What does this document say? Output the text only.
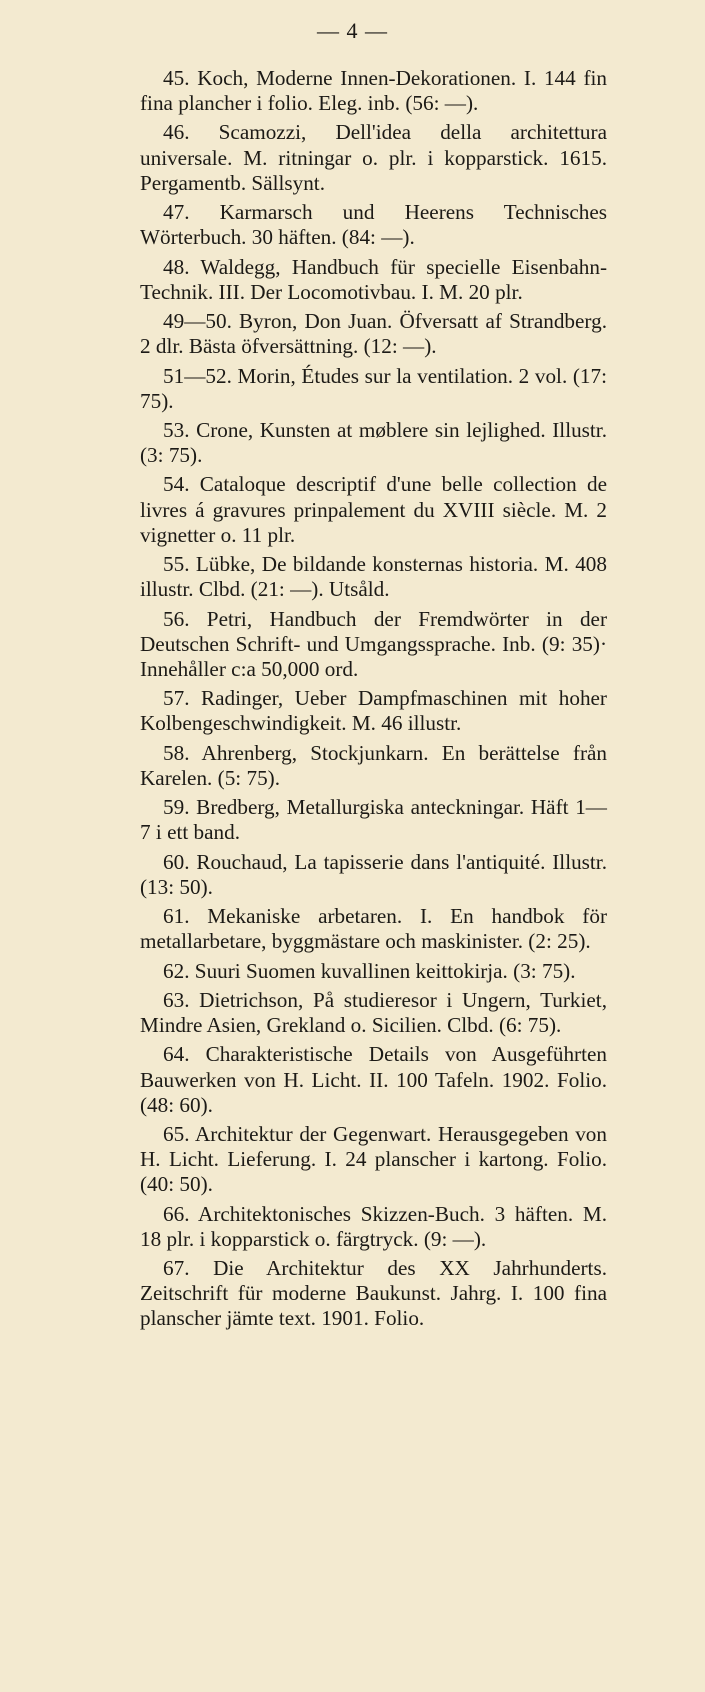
— 4 —
45. Koch, Moderne Innen-Dekorationen. I. 144 fin fina plancher i folio. Eleg. inb. (56: —).
46. Scamozzi, Dell'idea della architettura universale. M. ritningar o. plr. i kopparstick. 1615. Pergamentb. Sällsynt.
47. Karmarsch und Heerens Technisches Wörterbuch. 30 häften. (84: —).
48. Waldegg, Handbuch für specielle Eisenbahn-Technik. III. Der Locomotivbau. I. M. 20 plr.
49—50. Byron, Don Juan. Öfversatt af Strandberg. 2 dlr. Bästa öfversättning. (12: —).
51—52. Morin, Études sur la ventilation. 2 vol. (17: 75).
53. Crone, Kunsten at møblere sin lejlighed. Illustr. (3: 75).
54. Cataloque descriptif d'une belle collection de livres á gravures prinpalement du XVIII siècle. M. 2 vignetter o. 11 plr.
55. Lübke, De bildande konsternas historia. M. 408 illustr. Clbd. (21: —). Utsåld.
56. Petri, Handbuch der Fremdwörter in der Deutschen Schrift- und Umgangssprache. Inb. (9: 35)· Innehåller c:a 50,000 ord.
57. Radinger, Ueber Dampfmaschinen mit hoher Kolbengeschwindigkeit. M. 46 illustr.
58. Ahrenberg, Stockjunkarn. En berättelse från Karelen. (5: 75).
59. Bredberg, Metallurgiska anteckningar. Häft 1—7 i ett band.
60. Rouchaud, La tapisserie dans l'antiquité. Illustr. (13: 50).
61. Mekaniske arbetaren. I. En handbok för metallarbetare, byggmästare och maskinister. (2: 25).
62. Suuri Suomen kuvallinen keittokirja. (3: 75).
63. Dietrichson, På studieresor i Ungern, Turkiet, Mindre Asien, Grekland o. Sicilien. Clbd. (6: 75).
64. Charakteristische Details von Ausgeführten Bauwerken von H. Licht. II. 100 Tafeln. 1902. Folio. (48: 60).
65. Architektur der Gegenwart. Herausgegeben von H. Licht. Lieferung. I. 24 planscher i kartong. Folio. (40: 50).
66. Architektonisches Skizzen-Buch. 3 häften. M. 18 plr. i kopparstick o. färgtryck. (9: —).
67. Die Architektur des XX Jahrhunderts. Zeitschrift für moderne Baukunst. Jahrg. I. 100 fina planscher jämte text. 1901. Folio.
